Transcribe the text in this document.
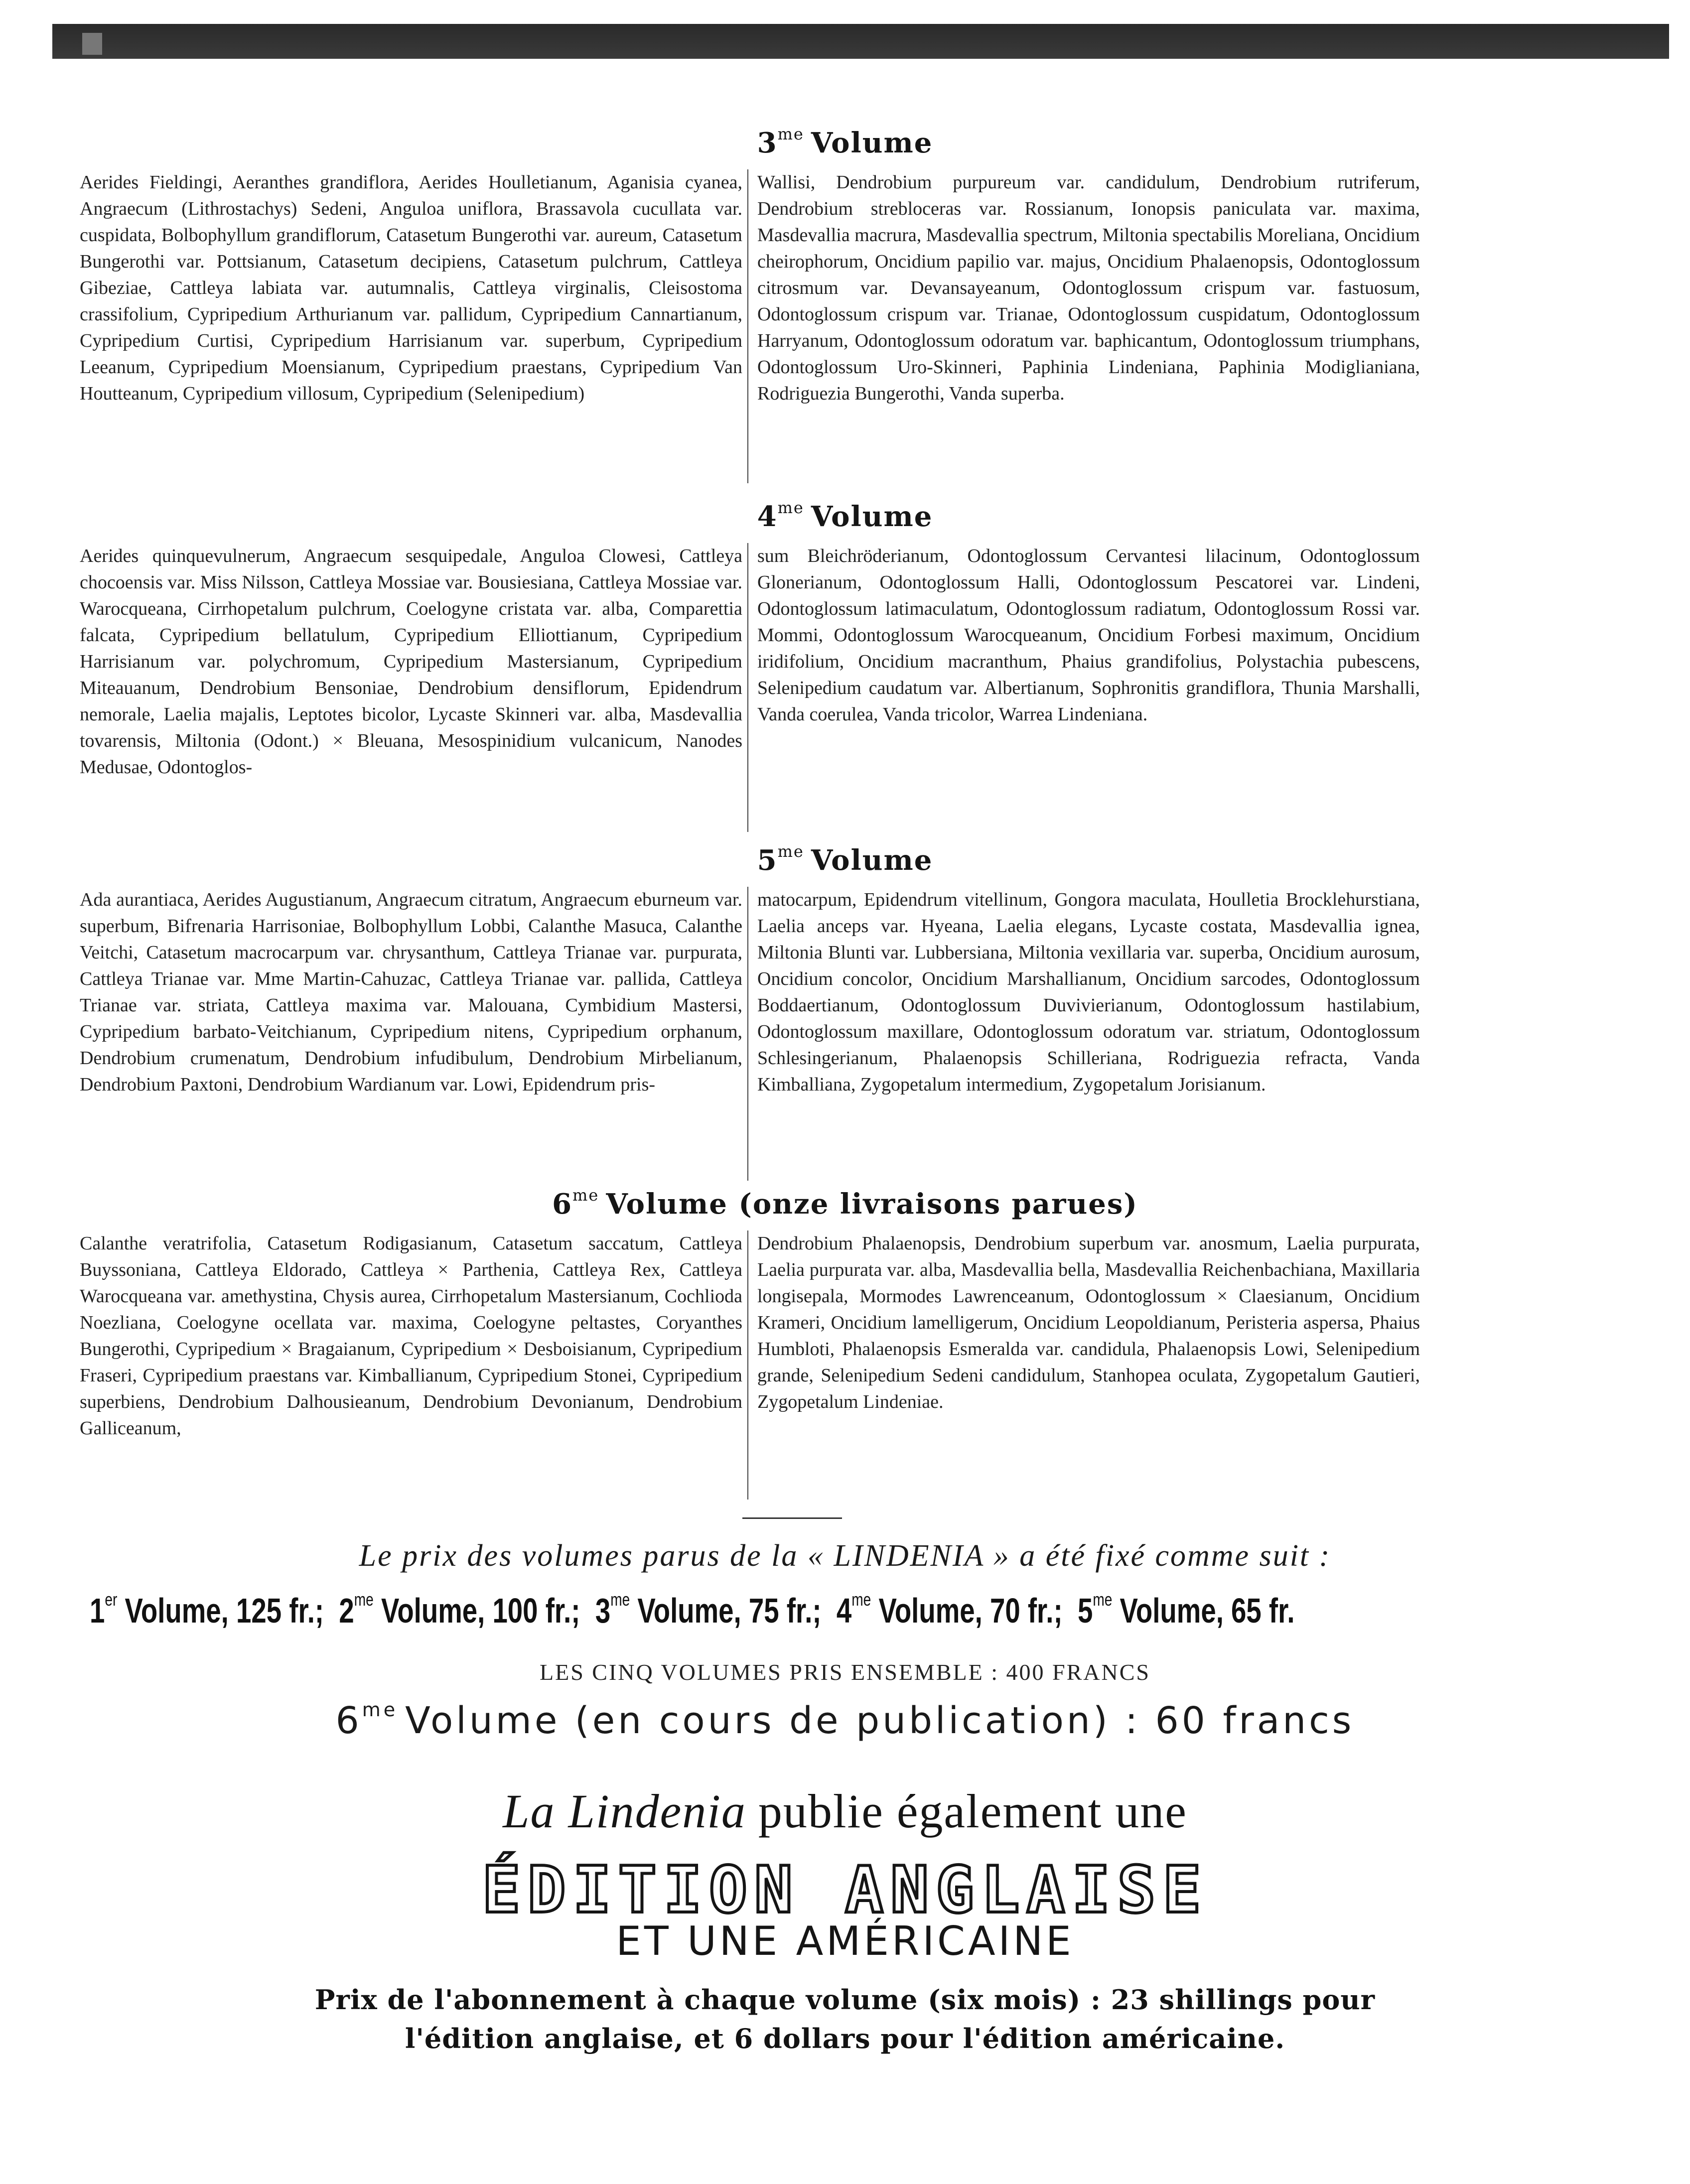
$3^{me}$ Volume
Aerides Fieldingi, Aeranthes grandiflora, Aerides Houlletianum, Aganisia cyanea, Angraecum (Lithrostachys) Sedeni, Anguloa uniflora, Brassavola cucullata var. cuspidata, Bolbophyllum grandiflorum, Catasetum Bungerothi var. aureum, Catasetum Bungerothi var. Pottsianum, Catasetum decipiens, Catasetum pulchrum, Cattleya Gibeziae, Cattleya labiata var. autumnalis, Cattleya virginalis, Cleisostoma crassifolium, Cypripedium Arthurianum var. pallidum, Cypripedium Cannartianum, Cypripedium Curtisi, Cypripedium Harrisianum var. superbum, Cypripedium Leeanum, Cypripedium Moensianum, Cypripedium praestans, Cypripedium Van Houtteanum, Cypripedium villosum, Cypripedium (Selenipedium)
Wallisi, Dendrobium purpureum var. candidulum, Dendrobium rutriferum, Dendrobium strebloceras var. Rossianum, Ionopsis paniculata var. maxima, Masdevallia macrura, Masdevallia spectrum, Miltonia spectabilis Moreliana, Oncidium cheirophorum, Oncidium papilio var. majus, Oncidium Phalaenopsis, Odontoglossum citrosmum var. Devansayeanum, Odontoglossum crispum var. fastuosum, Odontoglossum crispum var. Trianae, Odontoglossum cuspidatum, Odontoglossum Harryanum, Odontoglossum odoratum var. baphicantum, Odontoglossum triumphans, Odontoglossum Uro-Skinneri, Paphinia Lindeniana, Paphinia Modiglianiana, Rodriguezia Bungerothi, Vanda superba.
$4^{me}$ Volume
Aerides quinquevulnerum, Angraecum sesquipedale, Anguloa Clowesi, Cattleya chocoensis var. Miss Nilsson, Cattleya Mossiae var. Bousiesiana, Cattleya Mossiae var. Warocqueana, Cirrhopetalum pulchrum, Coelogyne cristata var. alba, Comparettia falcata, Cypripedium bellatulum, Cypripedium Elliottianum, Cypripedium Harrisianum var. polychromum, Cypripedium Mastersianum, Cypripedium Miteauanum, Dendrobium Bensoniae, Dendrobium densiflorum, Epidendrum nemorale, Laelia majalis, Leptotes bicolor, Lycaste Skinneri var. alba, Masdevallia tovarensis, Miltonia (Odont.) × Bleuana, Mesospinidium vulcanicum, Nanodes Medusae, Odontoglos-
sum Bleichröderianum, Odontoglossum Cervantesi lilacinum, Odontoglossum Glonerianum, Odontoglossum Halli, Odontoglossum Pescatorei var. Lindeni, Odontoglossum latimaculatum, Odontoglossum radiatum, Odontoglossum Rossi var. Mommi, Odontoglossum Warocqueanum, Oncidium Forbesi maximum, Oncidium iridifolium, Oncidium macranthum, Phaius grandifolius, Polystachia pubescens, Selenipedium caudatum var. Albertianum, Sophronitis grandiflora, Thunia Marshalli, Vanda coerulea, Vanda tricolor, Warrea Lindeniana.
$5^{me}$ Volume
Ada aurantiaca, Aerides Augustianum, Angraecum citratum, Angraecum eburneum var. superbum, Bifrenaria Harrisoniae, Bolbophyllum Lobbi, Calanthe Masuca, Calanthe Veitchi, Catasetum macrocarpum var. chrysanthum, Cattleya Trianae var. purpurata, Cattleya Trianae var. Mme Martin-Cahuzac, Cattleya Trianae var. pallida, Cattleya Trianae var. striata, Cattleya maxima var. Malouana, Cymbidium Mastersi, Cypripedium barbato-Veitchianum, Cypripedium nitens, Cypripedium orphanum, Dendrobium crumenatum, Dendrobium infudibulum, Dendrobium Mirbelianum, Dendrobium Paxtoni, Dendrobium Wardianum var. Lowi, Epidendrum pris-
matocarpum, Epidendrum vitellinum, Gongora maculata, Houlletia Brocklehurstiana, Laelia anceps var. Hyeana, Laelia elegans, Lycaste costata, Masdevallia ignea, Miltonia Blunti var. Lubbersiana, Miltonia vexillaria var. superba, Oncidium aurosum, Oncidium concolor, Oncidium Marshallianum, Oncidium sarcodes, Odontoglossum Boddaertianum, Odontoglossum Duvivierianum, Odontoglossum hastilabium, Odontoglossum maxillare, Odontoglossum odoratum var. striatum, Odontoglossum Schlesingerianum, Phalaenopsis Schilleriana, Rodriguezia refracta, Vanda Kimballiana, Zygopetalum intermedium, Zygopetalum Jorisianum.
$6^{me}$ Volume (onze livraisons parues)
Calanthe veratrifolia, Catasetum Rodigasianum, Catasetum saccatum, Cattleya Buyssoniana, Cattleya Eldorado, Cattleya × Parthenia, Cattleya Rex, Cattleya Warocqueana var. amethystina, Chysis aurea, Cirrhopetalum Mastersianum, Cochlioda Noezliana, Coelogyne ocellata var. maxima, Coelogyne peltastes, Coryanthes Bungerothi, Cypripedium × Bragaianum, Cypripedium × Desboisianum, Cypripedium Fraseri, Cypripedium praestans var. Kimballianum, Cypripedium Stonei, Cypripedium superbiens, Dendrobium Dalhousieanum, Dendrobium Devonianum, Dendrobium Galliceanum,
Dendrobium Phalaenopsis, Dendrobium superbum var. anosmum, Laelia purpurata, Laelia purpurata var. alba, Masdevallia bella, Masdevallia Reichenbachiana, Maxillaria longisepala, Mormodes Lawrenceanum, Odontoglossum × Claesianum, Oncidium Krameri, Oncidium lamelligerum, Oncidium Leopoldianum, Peristeria aspersa, Phaius Humbloti, Phalaenopsis Esmeralda var. candidula, Phalaenopsis Lowi, Selenipedium grande, Selenipedium Sedeni candidulum, Stanhopea oculata, Zygopetalum Gautieri, Zygopetalum Lindeniae.
Le prix des volumes parus de la « LINDENIA » a été fixé comme suit :
1er Volume, 125 fr.; $2^{me}$ Volume, 100 fr.; $3^{me}$ Volume, 75 fr.; $4^{me}$ Volume, 70 fr.; $5^{me}$ Volume, 65 fr.
LES CINQ VOLUMES PRIS ENSEMBLE : 400 FRANCS
$6^{me}$ Volume (en cours de publication) : 60 francs
La Lindenia publie également une
ÉDITION ANGLAISE
ET UNE AMÉRICAINE
Prix de l'abonnement à chaque volume (six mois) : 23 shillings pour
l'édition anglaise, et 6 dollars pour l'édition américaine.
